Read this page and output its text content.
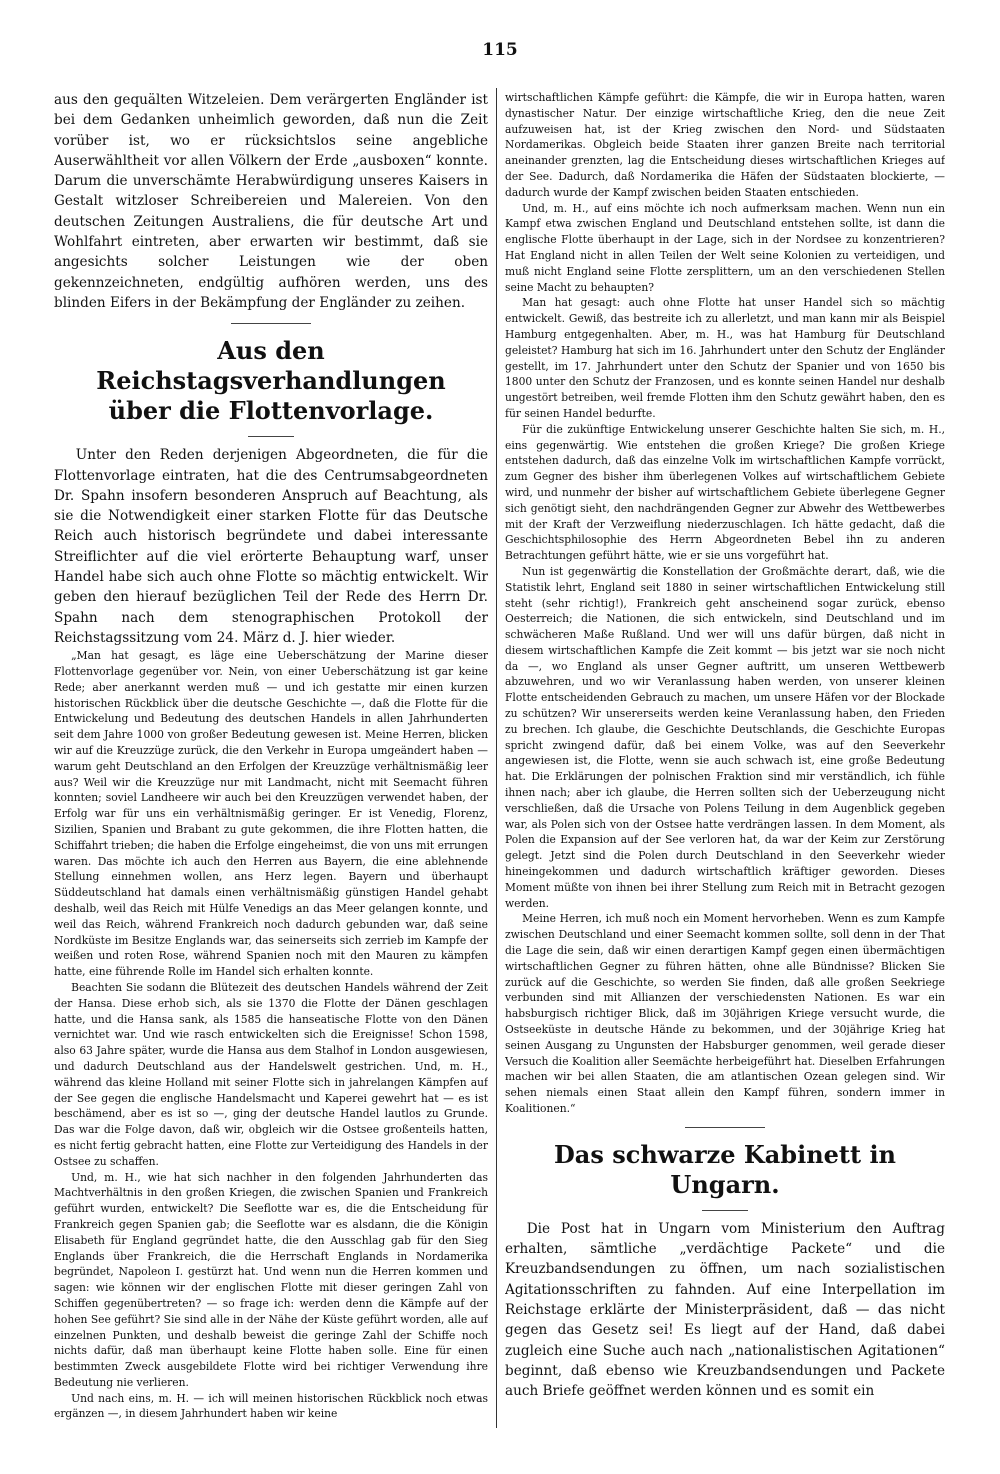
115

aus den gequälten Witzeleien. Dem verärgerten Engländer ist bei dem Gedanken unheimlich geworden, daß nun die Zeit vorüber ist, wo er rücksichtslos seine angebliche Auserwähltheit vor allen Völkern der Erde „ausboxen“ konnte. Darum die unverschämte Herabwürdigung unseres Kaisers in Gestalt witzloser Schreibereien und Malereien. Von den deutschen Zeitungen Australiens, die für deutsche Art und Wohlfahrt eintreten, aber erwarten wir bestimmt, daß sie angesichts solcher Leistungen wie der oben gekennzeichneten, endgültig aufhören werden, uns des blinden Eifers in der Bekämpfung der Engländer zu zeihen.

Aus den Reichstagsverhandlungen
über die Flottenvorlage.

Unter den Reden derjenigen Abgeordneten, die für die Flottenvorlage eintraten, hat die des Centrumsabgeordneten Dr. Spahn insofern besonderen Anspruch auf Beachtung, als sie die Notwendigkeit einer starken Flotte für das Deutsche Reich auch historisch begründete und dabei interessante Streiflichter auf die viel erörterte Behauptung warf, unser Handel habe sich auch ohne Flotte so mächtig entwickelt. Wir geben den hierauf bezüglichen Teil der Rede des Herrn Dr. Spahn nach dem stenographischen Protokoll der Reichstagssitzung vom 24. März d. J. hier wieder.

„Man hat gesagt, es läge eine Ueberschätzung der Marine dieser Flottenvorlage gegenüber vor. Nein, von einer Ueberschätzung ist gar keine Rede; aber anerkannt werden muß — und ich gestatte mir einen kurzen historischen Rückblick über die deutsche Geschichte —, daß die Flotte für die Entwickelung und Bedeutung des deutschen Handels in allen Jahrhunderten seit dem Jahre 1000 von großer Bedeutung gewesen ist. Meine Herren, blicken wir auf die Kreuzzüge zurück, die den Verkehr in Europa umgeändert haben — warum geht Deutschland an den Erfolgen der Kreuzzüge verhältnismäßig leer aus? Weil wir die Kreuzzüge nur mit Landmacht, nicht mit Seemacht führen konnten; soviel Landheere wir auch bei den Kreuzzügen verwendet haben, der Erfolg war für uns ein verhältnismäßig geringer. Er ist Venedig, Florenz, Sizilien, Spanien und Brabant zu gute gekommen, die ihre Flotten hatten, die Schiffahrt trieben; die haben die Erfolge eingeheimst, die von uns mit errungen waren. Das möchte ich auch den Herren aus Bayern, die eine ablehnende Stellung einnehmen wollen, ans Herz legen. Bayern und überhaupt Süddeutschland hat damals einen verhältnismäßig günstigen Handel gehabt deshalb, weil das Reich mit Hülfe Venedigs an das Meer gelangen konnte, und weil das Reich, während Frankreich noch dadurch gebunden war, daß seine Nordküste im Besitze Englands war, das seinerseits sich zerrieb im Kampfe der weißen und roten Rose, während Spanien noch mit den Mauren zu kämpfen hatte, eine führende Rolle im Handel sich erhalten konnte.

Beachten Sie sodann die Blütezeit des deutschen Handels während der Zeit der Hansa. Diese erhob sich, als sie 1370 die Flotte der Dänen geschlagen hatte, und die Hansa sank, als 1585 die hanseatische Flotte von den Dänen vernichtet war. Und wie rasch entwickelten sich die Ereignisse! Schon 1598, also 63 Jahre später, wurde die Hansa aus dem Stalhof in London ausgewiesen, und dadurch Deutschland aus der Handelswelt gestrichen. Und, m. H., während das kleine Holland mit seiner Flotte sich in jahrelangen Kämpfen auf der See gegen die englische Handelsmacht und Kaperei gewehrt hat — es ist beschämend, aber es ist so —, ging der deutsche Handel lautlos zu Grunde. Das war die Folge davon, daß wir, obgleich wir die Ostsee großenteils hatten, es nicht fertig gebracht hatten, eine Flotte zur Verteidigung des Handels in der Ostsee zu schaffen.

Und, m. H., wie hat sich nachher in den folgenden Jahrhunderten das Machtverhältnis in den großen Kriegen, die zwischen Spanien und Frankreich geführt wurden, entwickelt? Die Seeflotte war es, die die Entscheidung für Frankreich gegen Spanien gab; die Seeflotte war es alsdann, die die Königin Elisabeth für England gegründet hatte, die den Ausschlag gab für den Sieg Englands über Frankreich, die die Herrschaft Englands in Nordamerika begründet, Napoleon I. gestürzt hat. Und wenn nun die Herren kommen und sagen: wie können wir der englischen Flotte mit dieser geringen Zahl von Schiffen gegenübertreten? — so frage ich: werden denn die Kämpfe auf der hohen See geführt? Sie sind alle in der Nähe der Küste geführt worden, alle auf einzelnen Punkten, und deshalb beweist die geringe Zahl der Schiffe noch nichts dafür, daß man überhaupt keine Flotte haben solle. Eine für einen bestimmten Zweck ausgebildete Flotte wird bei richtiger Verwendung ihre Bedeutung nie verlieren.

Und nach eins, m. H. — ich will meinen historischen Rückblick noch etwas ergänzen —, in diesem Jahrhundert haben wir keine

wirtschaftlichen Kämpfe geführt: die Kämpfe, die wir in Europa hatten, waren dynastischer Natur. Der einzige wirtschaftliche Krieg, den die neue Zeit aufzuweisen hat, ist der Krieg zwischen den Nord- und Südstaaten Nordamerikas. Obgleich beide Staaten ihrer ganzen Breite nach territorial aneinander grenzten, lag die Entscheidung dieses wirtschaftlichen Krieges auf der See. Dadurch, daß Nordamerika die Häfen der Südstaaten blockierte, — dadurch wurde der Kampf zwischen beiden Staaten entschieden.

Und, m. H., auf eins möchte ich noch aufmerksam machen. Wenn nun ein Kampf etwa zwischen England und Deutschland entstehen sollte, ist dann die englische Flotte überhaupt in der Lage, sich in der Nordsee zu konzentrieren? Hat England nicht in allen Teilen der Welt seine Kolonien zu verteidigen, und muß nicht England seine Flotte zersplittern, um an den verschiedenen Stellen seine Macht zu behaupten?

Man hat gesagt: auch ohne Flotte hat unser Handel sich so mächtig entwickelt. Gewiß, das bestreite ich zu allerletzt, und man kann mir als Beispiel Hamburg entgegenhalten. Aber, m. H., was hat Hamburg für Deutschland geleistet? Hamburg hat sich im 16. Jahrhundert unter den Schutz der Engländer gestellt, im 17. Jahrhundert unter den Schutz der Spanier und von 1650 bis 1800 unter den Schutz der Franzosen, und es konnte seinen Handel nur deshalb ungestört betreiben, weil fremde Flotten ihm den Schutz gewährt haben, den es für seinen Handel bedurfte.

Für die zukünftige Entwickelung unserer Geschichte halten Sie sich, m. H., eins gegenwärtig. Wie entstehen die großen Kriege? Die großen Kriege entstehen dadurch, daß das einzelne Volk im wirtschaftlichen Kampfe vorrückt, zum Gegner des bisher ihm überlegenen Volkes auf wirtschaftlichem Gebiete wird, und nunmehr der bisher auf wirtschaftlichem Gebiete überlegene Gegner sich genötigt sieht, den nachdrängenden Gegner zur Abwehr des Wettbewerbes mit der Kraft der Verzweiflung niederzuschlagen. Ich hätte gedacht, daß die Geschichtsphilosophie des Herrn Abgeordneten Bebel ihn zu anderen Betrachtungen geführt hätte, wie er sie uns vorgeführt hat.

Nun ist gegenwärtig die Konstellation der Großmächte derart, daß, wie die Statistik lehrt, England seit 1880 in seiner wirtschaftlichen Entwickelung still steht (sehr richtig!), Frankreich geht anscheinend sogar zurück, ebenso Oesterreich; die Nationen, die sich entwickeln, sind Deutschland und im schwächeren Maße Rußland. Und wer will uns dafür bürgen, daß nicht in diesem wirtschaftlichen Kampfe die Zeit kommt — bis jetzt war sie noch nicht da —, wo England als unser Gegner auftritt, um unseren Wettbewerb abzuwehren, und wo wir Veranlassung haben werden, von unserer kleinen Flotte entscheidenden Gebrauch zu machen, um unsere Häfen vor der Blockade zu schützen? Wir unsererseits werden keine Veranlassung haben, den Frieden zu brechen. Ich glaube, die Geschichte Deutschlands, die Geschichte Europas spricht zwingend dafür, daß bei einem Volke, was auf den Seeverkehr angewiesen ist, die Flotte, wenn sie auch schwach ist, eine große Bedeutung hat. Die Erklärungen der polnischen Fraktion sind mir verständlich, ich fühle ihnen nach; aber ich glaube, die Herren sollten sich der Ueberzeugung nicht verschließen, daß die Ursache von Polens Teilung in dem Augenblick gegeben war, als Polen sich von der Ostsee hatte verdrängen lassen. In dem Moment, als Polen die Expansion auf der See verloren hat, da war der Keim zur Zerstörung gelegt. Jetzt sind die Polen durch Deutschland in den Seeverkehr wieder hineingekommen und dadurch wirtschaftlich kräftiger geworden. Dieses Moment müßte von ihnen bei ihrer Stellung zum Reich mit in Betracht gezogen werden.

Meine Herren, ich muß noch ein Moment hervorheben. Wenn es zum Kampfe zwischen Deutschland und einer Seemacht kommen sollte, soll denn in der That die Lage die sein, daß wir einen derartigen Kampf gegen einen übermächtigen wirtschaftlichen Gegner zu führen hätten, ohne alle Bündnisse? Blicken Sie zurück auf die Geschichte, so werden Sie finden, daß alle großen Seekriege verbunden sind mit Allianzen der verschiedensten Nationen. Es war ein habsburgisch richtiger Blick, daß im 30jährigen Kriege versucht wurde, die Ostseeküste in deutsche Hände zu bekommen, und der 30jährige Krieg hat seinen Ausgang zu Ungunsten der Habsburger genommen, weil gerade dieser Versuch die Koalition aller Seemächte herbeigeführt hat. Dieselben Erfahrungen machen wir bei allen Staaten, die am atlantischen Ozean gelegen sind. Wir sehen niemals einen Staat allein den Kampf führen, sondern immer in Koalitionen.“

Das schwarze Kabinett in Ungarn.

Die Post hat in Ungarn vom Ministerium den Auftrag erhalten, sämtliche „verdächtige Packete“ und die Kreuzbandsendungen zu öffnen, um nach sozialistischen Agitationsschriften zu fahnden. Auf eine Interpellation im Reichstage erklärte der Ministerpräsident, daß — das nicht gegen das Gesetz sei! Es liegt auf der Hand, daß dabei zugleich eine Suche auch nach „nationalistischen Agitationen“ beginnt, daß ebenso wie Kreuzbandsendungen und Packete auch Briefe geöffnet werden können und es somit ein
